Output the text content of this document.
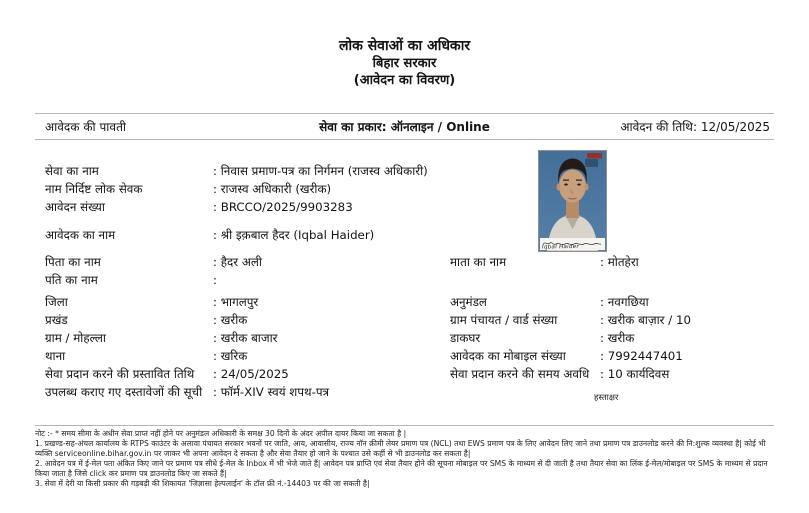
लोक सेवाओं का अधिकार
बिहार सरकार
(आवेदन का विवरण)
आवेदक की पावती	सेवा का प्रकार: ऑनलाइन / Online	आवेदन की तिथि: 12/05/2025
सेवा का नाम	: निवास प्रमाण-पत्र का निर्गमन (राजस्व अधिकारी)
नाम निर्दिष्ट लोक सेवक	: राजस्व अधिकारी (खरीक)
आवेदन संख्या	: BRCCO/2025/9903283
आवेदक का नाम	: श्री इक़बाल हैदर (Iqbal Haider)
पिता का नाम	: हैदर अली	माता का नाम	: मोतहेरा
पति का नाम	:
जिला	: भागलपुर	अनुमंडल	: नवगछिया
प्रखंड	: खरीक	ग्राम पंचायत / वार्ड संख्या	: खरीक बाज़ार / 10
ग्राम / मोहल्ला	: खरीक बाजार	डाकघर	: खरीक
थाना	: खरिक	आवेदक का मोबाइल संख्या	: 7992447401
सेवा प्रदान करने की प्रस्तावित तिथि	: 24/05/2025	सेवा प्रदान करने की समय अवधि : 10 कार्यदिवस
उपलब्ध कराए गए दस्तावेजों की सूची : फॉर्म-XIV स्वयं शपथ-पत्र	हस्ताक्षर
Iqbal Haider

नोट :- * समय सीमा के अधीन सेवा प्राप्त नहीं होने पर अनुमंडल अधिकारी के समक्ष 30 दिनों के अंदर अपील दायर किया जा सकता है |

1. प्रखण्ड-सह-अंचल कार्यालय के RTPS काउंटर के अलावा पंचायत सरकार भवनों पर जाति, आय, आवासीय, राज्य नॉन क्रीमी लेयर प्रमाण पत्र (NCL) तथा EWS प्रमाण पत्र के लिए आवेदन लिए जाने तथा प्रमाण पत्र डाउनलोड करने की नि:शुल्क व्यवस्था है| कोई भी व्यक्ति serviceonline.bihar.gov.in पर जाकर भी अपना आवेदन दे सकता है और सेवा तैयार हो जाने के पश्चात उसे कहीं से भी डाउनलोड कर सकता है|

2. आवेदन पत्र में ई-मेल पता अंकित किए जाने पर प्रमाण पत्र सीधे ई-मेल के Inbox में भी भेजे जाते हैं| आवेदन पत्र प्राप्ति एवं सेवा तैयार होने की सूचना मोबाइल पर SMS के माध्यम से दी जाती है तथा तैयार सेवा का लिंक ई-मेल/मोबाइल पर SMS के माध्यम से प्रदान किया जाता है जिसे click कर प्रमाण पत्र डाउनलोड किए जा सकते हैं|

3. सेवा में देरी या किसी प्रकार की गड़बड़ी की शिकायत 'जिज्ञासा हेल्पलाईन' के टॉल फ्री नं.-14403 पर की जा सकती है|
